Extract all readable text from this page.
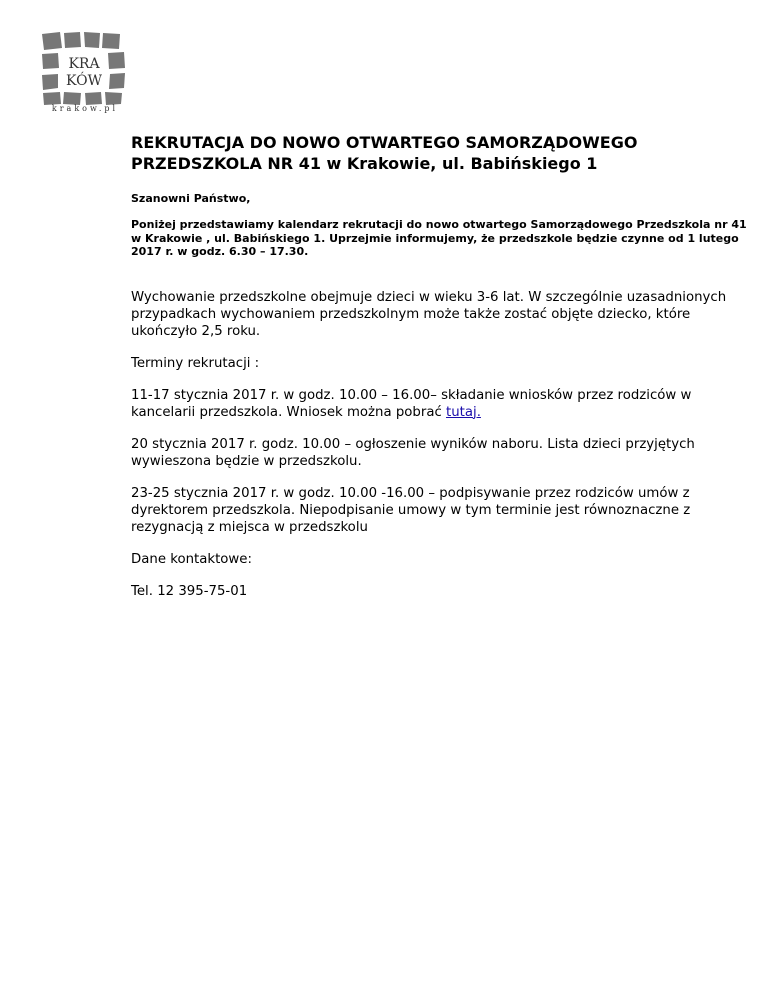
KRA
KÓW
krakow.pl
REKRUTACJA DO NOWO OTWARTEGO SAMORZĄDOWEGO PRZEDSZKOLA NR 41 w Krakowie, ul. Babińskiego 1

Szanowni Państwo,

Poniżej przedstawiamy kalendarz rekrutacji do nowo otwartego Samorządowego Przedszkola nr 41 w Krakowie , ul. Babińskiego 1. Uprzejmie informujemy, że przedszkole będzie czynne od 1 lutego 2017 r. w godz. 6.30 – 17.30.

Wychowanie przedszkolne obejmuje dzieci w wieku 3-6 lat. W szczególnie uzasadnionych przypadkach wychowaniem przedszkolnym może także zostać objęte dziecko, które ukończyło 2,5 roku.

Terminy rekrutacji :

11-17 stycznia 2017 r. w godz. 10.00 – 16.00– składanie wniosków przez rodziców w kancelarii przedszkola. Wniosek można pobrać tutaj.

20 stycznia 2017 r. godz. 10.00 – ogłoszenie wyników naboru. Lista dzieci przyjętych wywieszona będzie w przedszkolu.

23-25 stycznia 2017 r. w godz. 10.00 -16.00 – podpisywanie przez rodziców umów z dyrektorem przedszkola. Niepodpisanie umowy w tym terminie jest równoznaczne z rezygnacją z miejsca w przedszkolu

Dane kontaktowe:

Tel. 12 395-75-01
